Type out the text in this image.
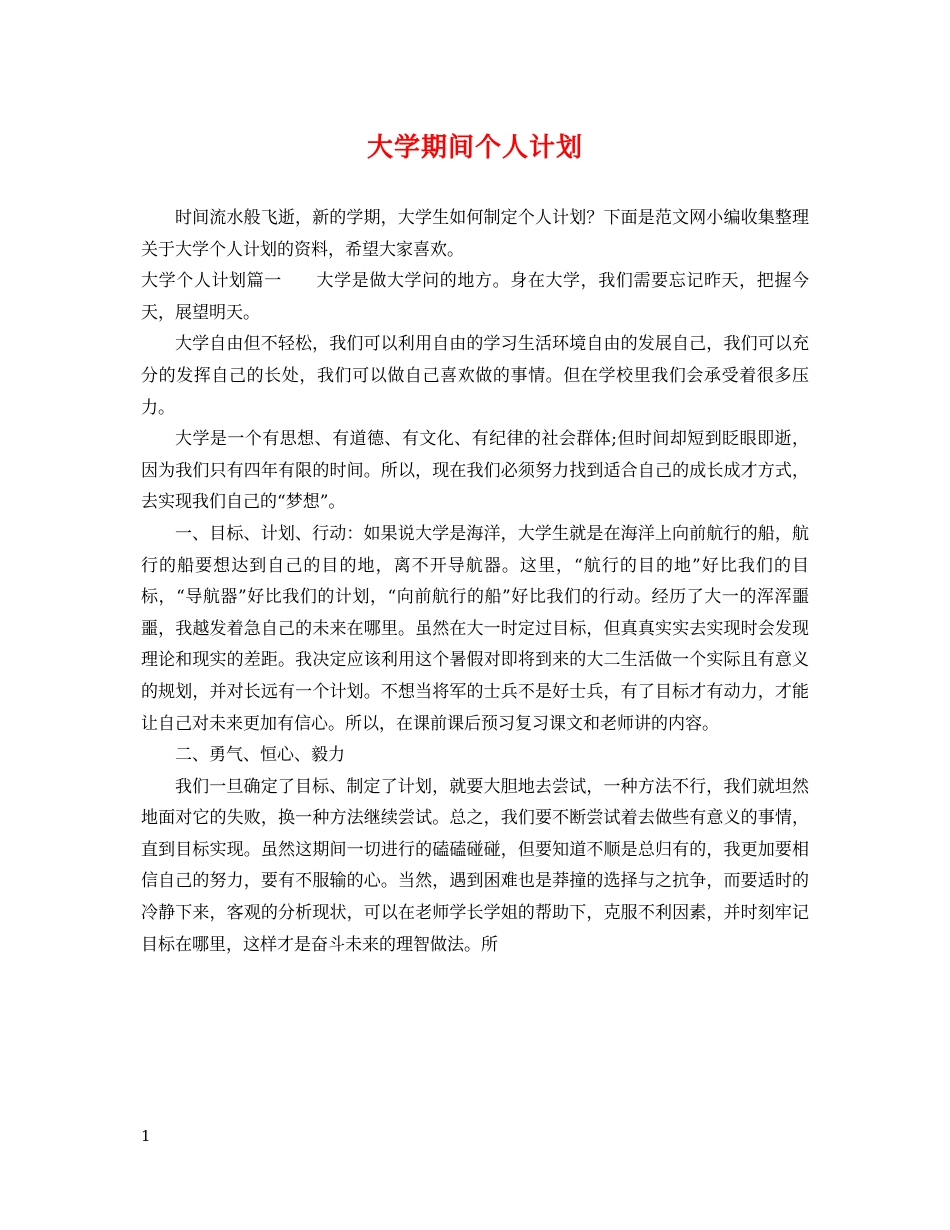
大学期间个人计划

时间流水般飞逝，新的学期，大学生如何制定个人计划？下面是范文网小编收集整理关于大学个人计划的资料，希望大家喜欢。

大学个人计划篇一 大学是做大学问的地方。身在大学，我们需要忘记昨天，把握今天，展望明天。

大学自由但不轻松，我们可以利用自由的学习生活环境自由的发展自己，我们可以充分的发挥自己的长处，我们可以做自己喜欢做的事情。但在学校里我们会承受着很多压力。

大学是一个有思想、有道德、有文化、有纪律的社会群体;但时间却短到眨眼即逝，因为我们只有四年有限的时间。所以，现在我们必须努力找到适合自己的成长成才方式，去实现我们自己的“梦想”。

一、目标、计划、行动：如果说大学是海洋，大学生就是在海洋上向前航行的船，航行的船要想达到自己的目的地，离不开导航器。这里，“航行的目的地”好比我们的目标，“导航器”好比我们的计划，“向前航行的船”好比我们的行动。经历了大一的浑浑噩噩，我越发着急自己的未来在哪里。虽然在大一时定过目标，但真真实实去实现时会发现理论和现实的差距。我决定应该利用这个暑假对即将到来的大二生活做一个实际且有意义的规划，并对长远有一个计划。不想当将军的士兵不是好士兵，有了目标才有动力，才能让自己对未来更加有信心。所以，在课前课后预习复习课文和老师讲的内容。

二、勇气、恒心、毅力

我们一旦确定了目标、制定了计划，就要大胆地去尝试，一种方法不行，我们就坦然地面对它的失败，换一种方法继续尝试。总之，我们要不断尝试着去做些有意义的事情，直到目标实现。虽然这期间一切进行的磕磕碰碰，但要知道不顺是总归有的，我更加要相信自己的努力，要有不服输的心。当然，遇到困难也是莽撞的选择与之抗争，而要适时的冷静下来，客观的分析现状，可以在老师学长学姐的帮助下，克服不利因素，并时刻牢记目标在哪里，这样才是奋斗未来的理智做法。所

1
